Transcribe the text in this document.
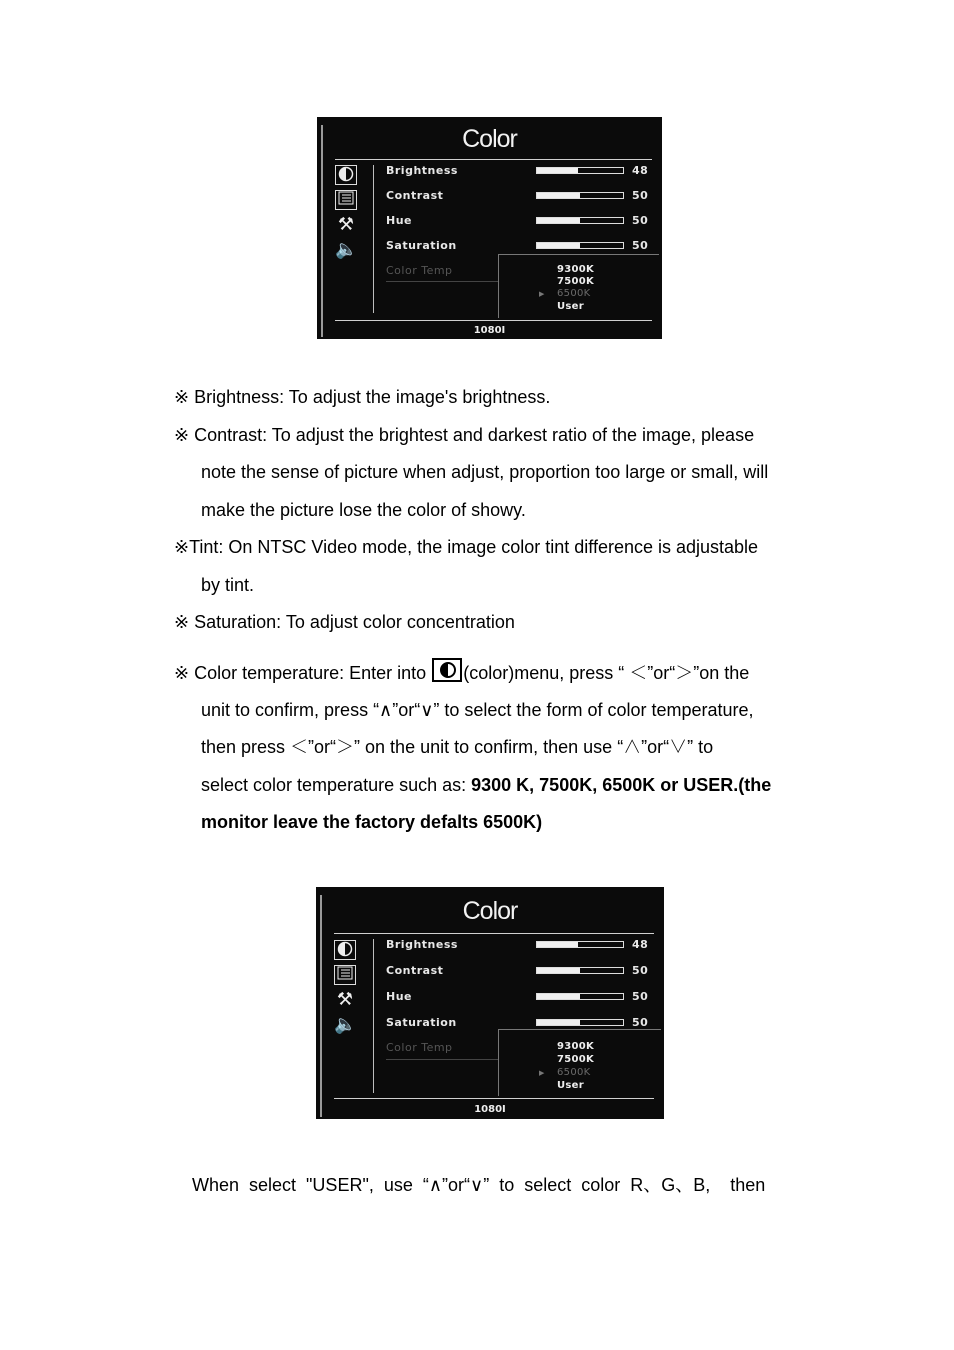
Color
⚒
🔈
Brightness	48
Contrast	50
Hue	50
Saturation	50
Color Temp	9300K
7500K
▶ 6500K
User
1080I
※ Brightness: To adjust the image's brightness.
※ Contrast: To adjust the brightest and darkest ratio of the image, please
note the sense of picture when adjust, proportion too large or small, will
make the picture lose the color of showy.
※Tint: On NTSC Video mode, the image color tint difference is adjustable
by tint.
※ Saturation: To adjust color concentration
※ Color temperature: Enter into
(color)menu, press “ ＜”or“＞”on the
unit to confirm, press “∧”or“∨” to select the form of color temperature,
then press ＜”or“＞” on the unit to confirm, then use “∧”or“∨” to
select color temperature such as: 9300 K, 7500K, 6500K or USER.(the
monitor leave the factory defalts 6500K)
Color
⚒
🔈
Brightness	48
Contrast	50
Hue	50
Saturation	50
Color Temp	9300K
7500K
▶ 6500K
User
1080I
When  select  "USER",  use  “∧”or“∨”  to  select  color  R、G、B,    then
